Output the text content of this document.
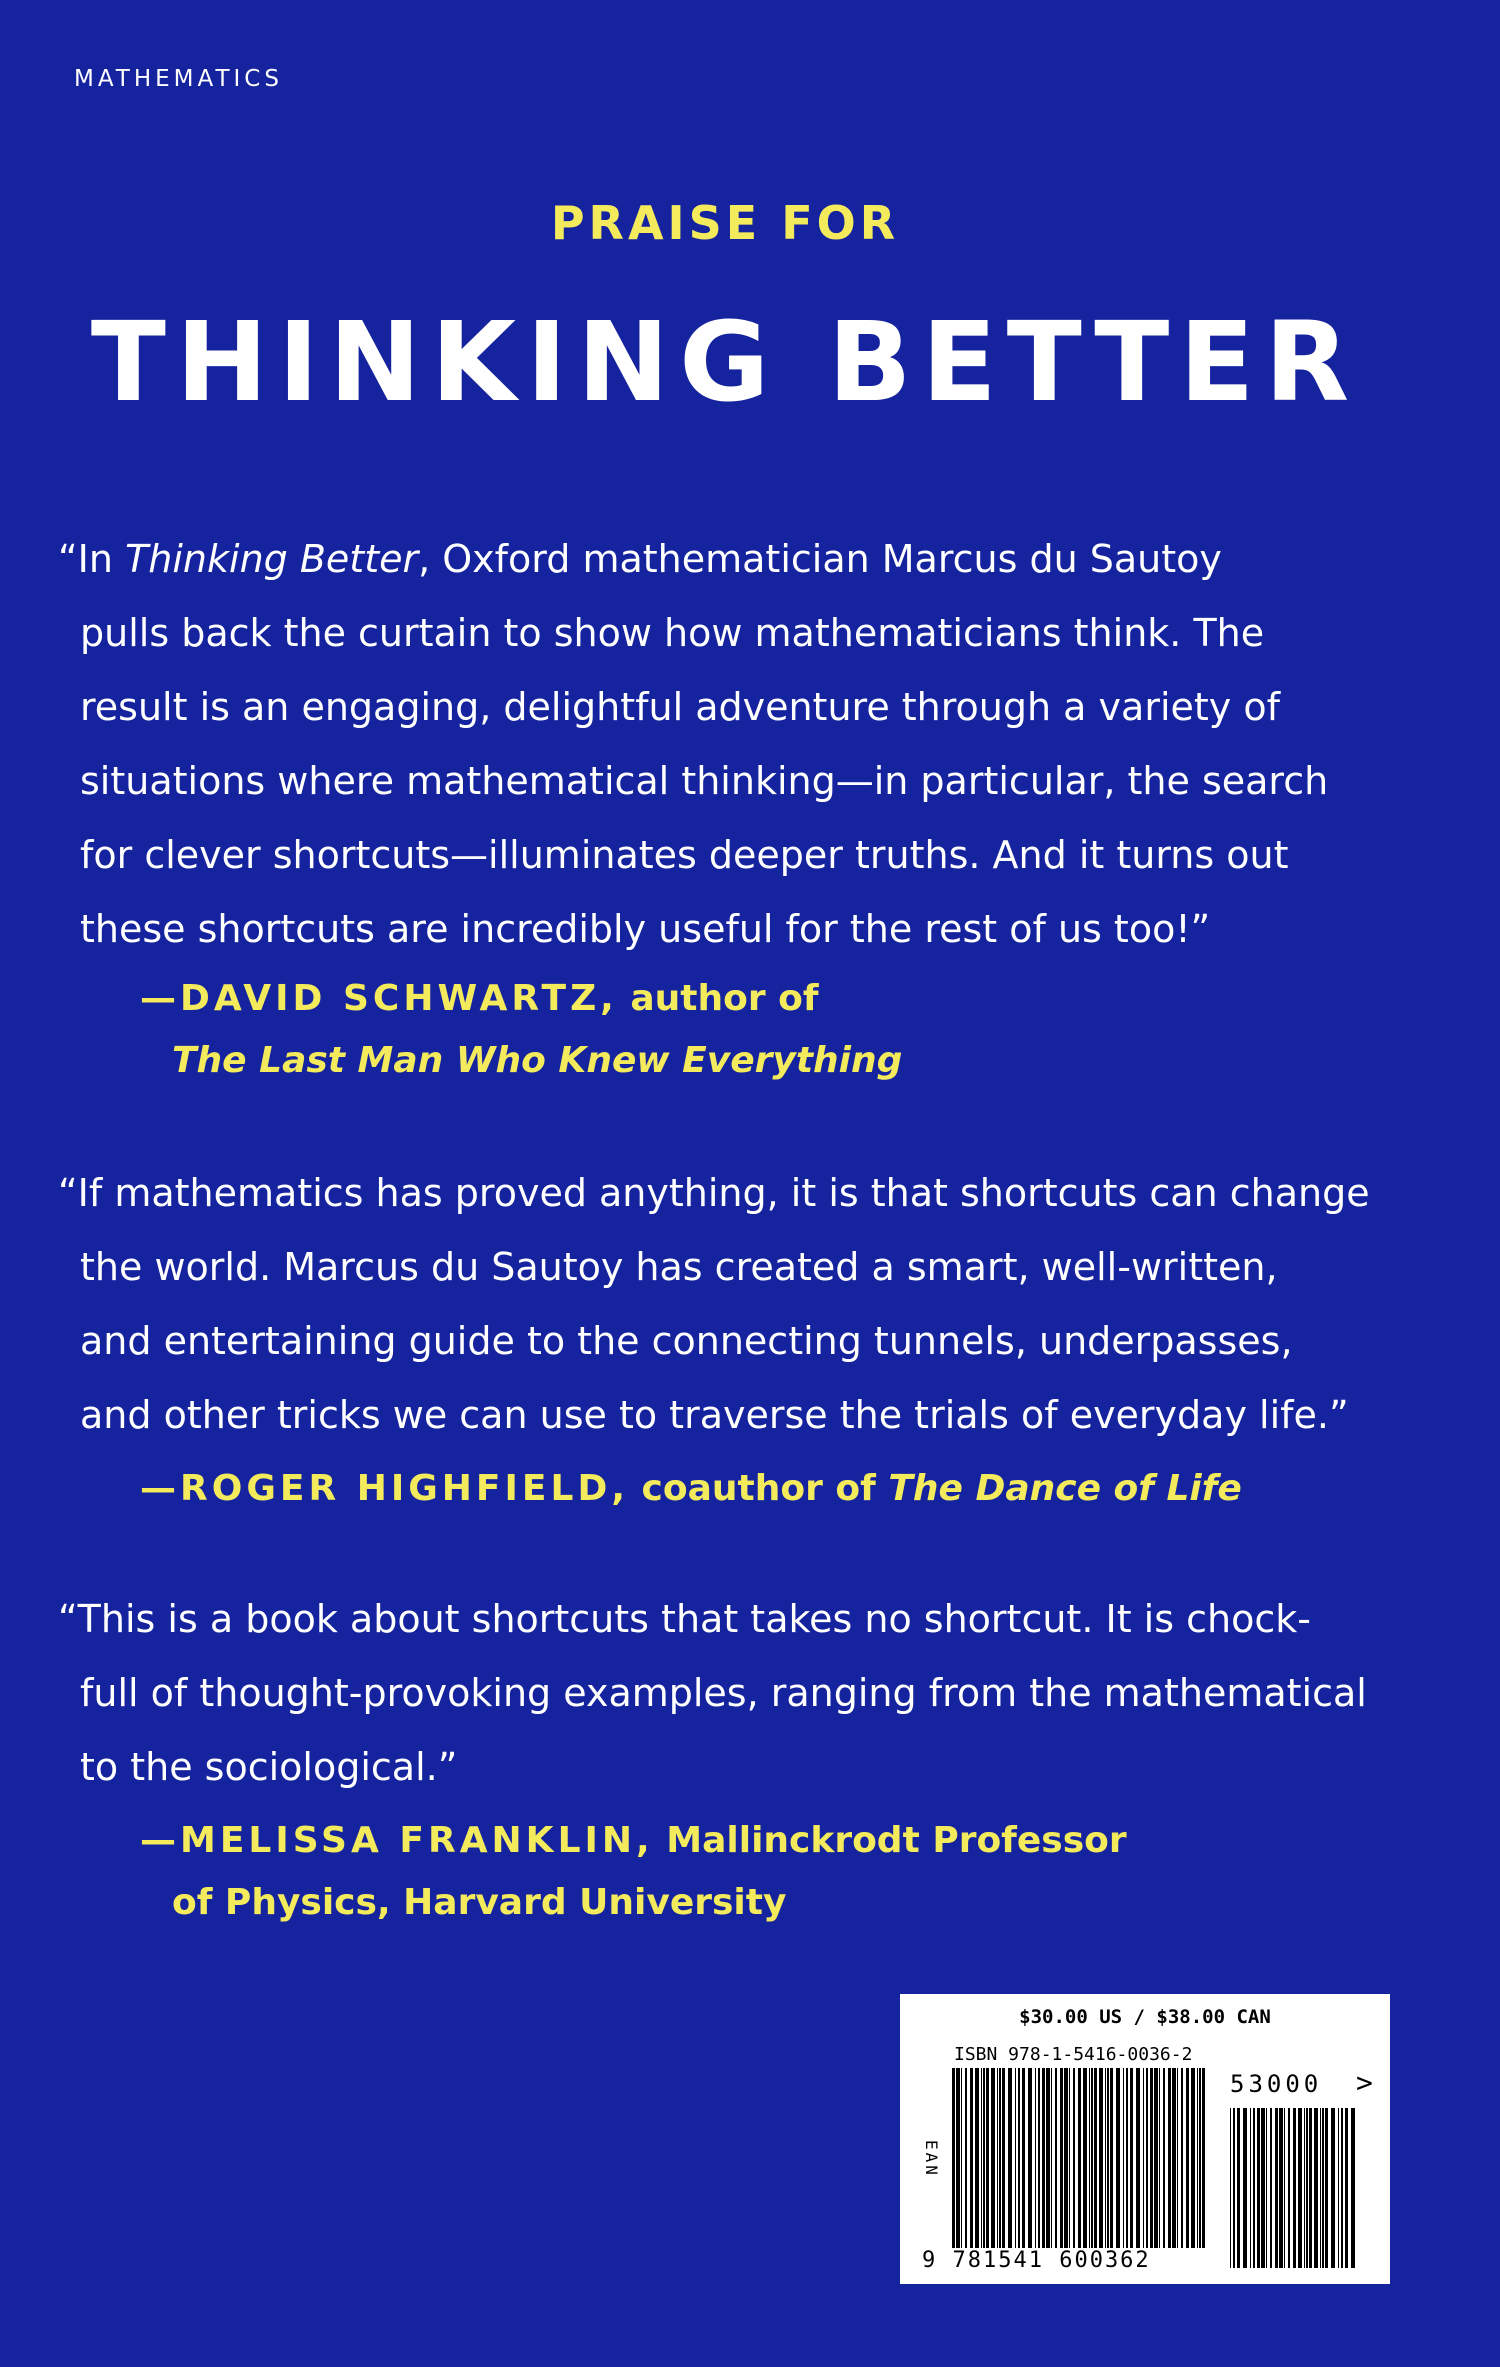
MATHEMATICS
PRAISE FOR
THINKING BETTER
“In Thinking Better, Oxford mathematician Marcus du Sautoy
pulls back the curtain to show how mathematicians think. The
result is an engaging, delightful adventure through a variety of
situations where mathematical thinking—in particular, the search
for clever shortcuts—illuminates deeper truths. And it turns out
these shortcuts are incredibly useful for the rest of us too!”
—DAVID SCHWARTZ, author of
The Last Man Who Knew Everything
“If mathematics has proved anything, it is that shortcuts can change
the world. Marcus du Sautoy has created a smart, well-written,
and entertaining guide to the connecting tunnels, underpasses,
and other tricks we can use to traverse the trials of everyday life.”
—ROGER HIGHFIELD, coauthor of The Dance of Life
“This is a book about shortcuts that takes no shortcut. It is chock-
full of thought-provoking examples, ranging from the mathematical
to the sociological.”
—MELISSA FRANKLIN, Mallinckrodt Professor
of Physics, Harvard University
$30.00 US / $38.00 CAN
ISBN 978-1-5416-0036-2
53000 >
EAN
9 781541 600362
